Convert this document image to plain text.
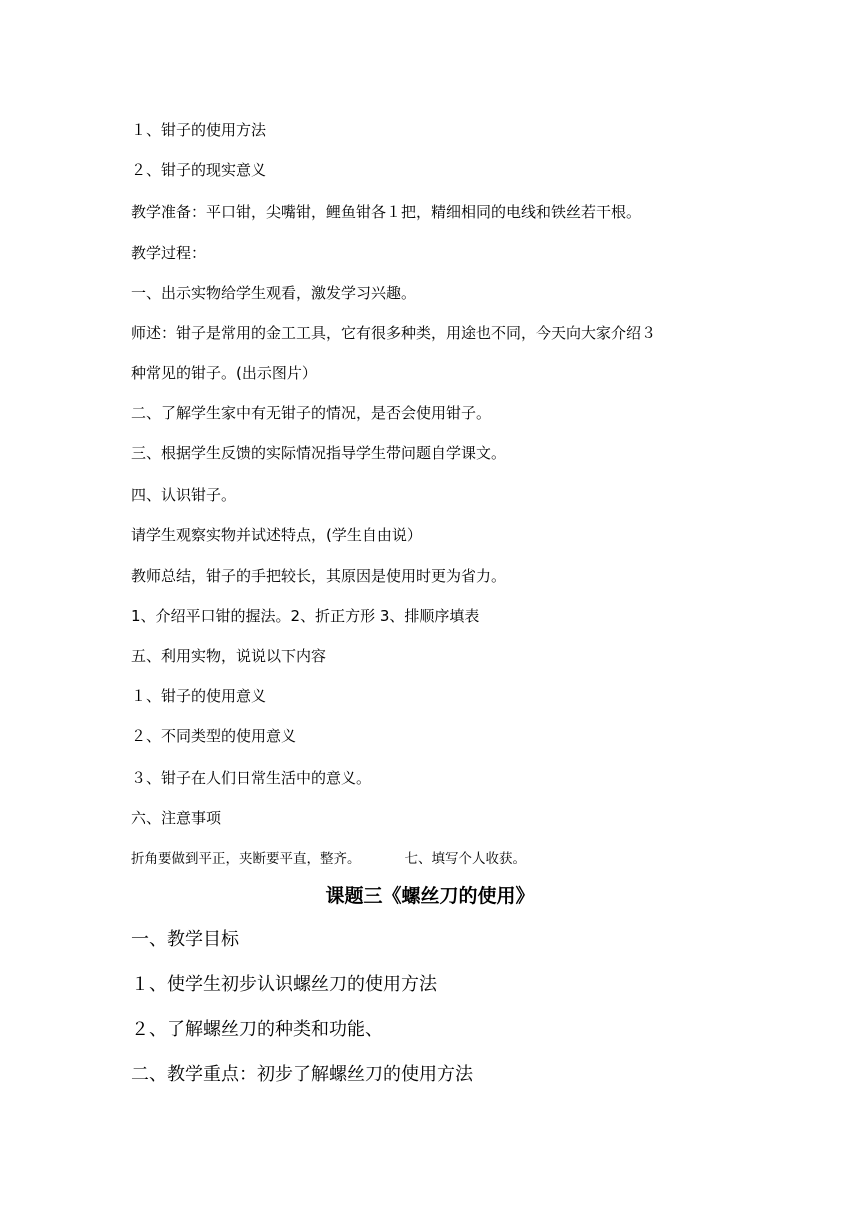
１、钳子的使用方法
２、钳子的现实意义
教学准备：平口钳，尖嘴钳，鲤鱼钳各１把，精细相同的电线和铁丝若干根。
教学过程：
一、出示实物给学生观看，激发学习兴趣。
师述：钳子是常用的金工工具，它有很多种类，用途也不同，今天向大家介绍３
种常见的钳子。(出示图片）
二、了解学生家中有无钳子的情况，是否会使用钳子。
三、根据学生反馈的实际情况指导学生带问题自学课文。
四、认识钳子。
请学生观察实物并试述特点，(学生自由说）
教师总结，钳子的手把较长，其原因是使用时更为省力。
1、介绍平口钳的握法。2、折正方形 3、排顺序填表
五、利用实物，说说以下内容
１、钳子的使用意义
２、不同类型的使用意义
３、钳子在人们日常生活中的意义。
六、注意事项
折角要做到平正，夹断要平直，整齐。	七、填写个人收获。
课题三《螺丝刀的使用》
一、教学目标
１、使学生初步认识螺丝刀的使用方法
２、了解螺丝刀的种类和功能、
二、教学重点：初步了解螺丝刀的使用方法
